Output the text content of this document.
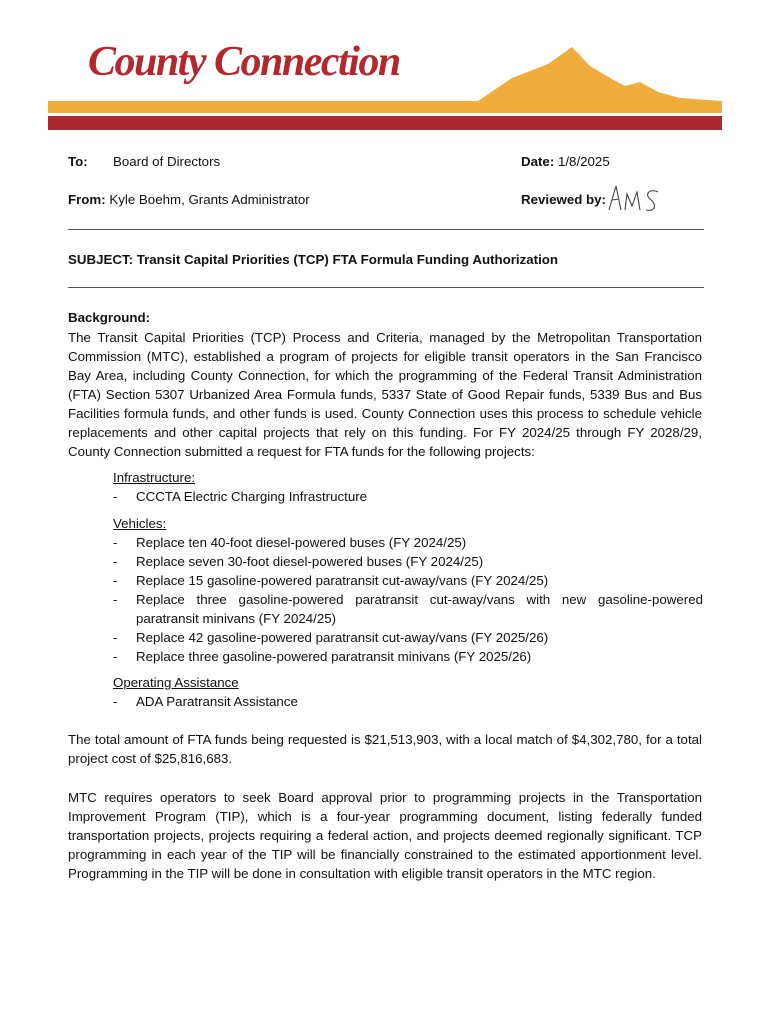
County Connection
To: Board of Directors	Date: 1/8/2025
From: Kyle Boehm, Grants Administrator	Reviewed by:
SUBJECT: Transit Capital Priorities (TCP) FTA Formula Funding Authorization
Background:

The Transit Capital Priorities (TCP) Process and Criteria, managed by the Metropolitan Transportation Commission (MTC), established a program of projects for eligible transit operators in the San Francisco Bay Area, including County Connection, for which the programming of the Federal Transit Administration (FTA) Section 5307 Urbanized Area Formula funds, 5337 State of Good Repair funds, 5339 Bus and Bus Facilities formula funds, and other funds is used. County Connection uses this process to schedule vehicle replacements and other capital projects that rely on this funding. For FY 2024/25 through FY 2028/29, County Connection submitted a request for FTA funds for the following projects:

Infrastructure:
- CCCTA Electric Charging Infrastructure
Vehicles:
- Replace ten 40-foot diesel-powered buses (FY 2024/25)
- Replace seven 30-foot diesel-powered buses (FY 2024/25)
- Replace 15 gasoline-powered paratransit cut-away/vans (FY 2024/25)
- Replace three gasoline-powered paratransit cut-away/vans with new gasoline-powered paratransit minivans (FY 2024/25)
- Replace 42 gasoline-powered paratransit cut-away/vans (FY 2025/26)
- Replace three gasoline-powered paratransit minivans (FY 2025/26)
Operating Assistance
- ADA Paratransit Assistance

The total amount of FTA funds being requested is $21,513,903, with a local match of $4,302,780, for a total project cost of $25,816,683.

MTC requires operators to seek Board approval prior to programming projects in the Transportation Improvement Program (TIP), which is a four-year programming document, listing federally funded transportation projects, projects requiring a federal action, and projects deemed regionally significant. TCP programming in each year of the TIP will be financially constrained to the estimated apportionment level. Programming in the TIP will be done in consultation with eligible transit operators in the MTC region.
